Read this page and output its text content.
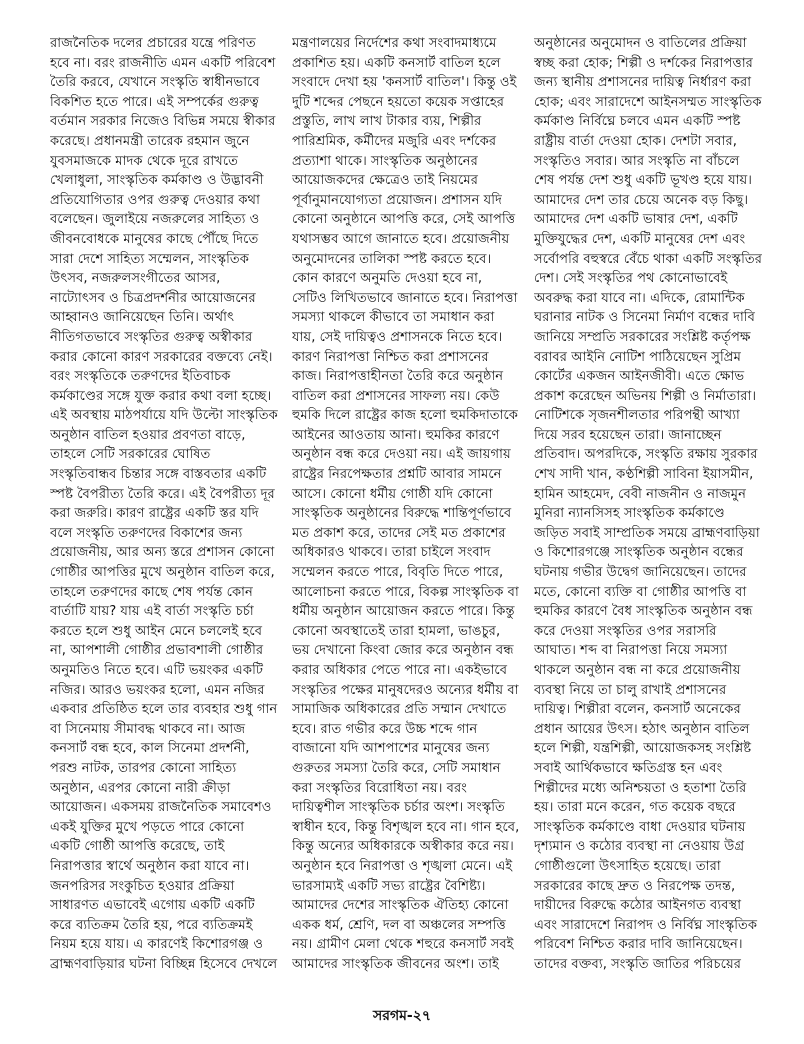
রাজনৈতিক দলের প্রচারের যন্ত্রে পরিণত হবে না। বরং রাজনীতি এমন একটি পরিবেশ তৈরি করবে, যেখানে সংস্কৃতি স্বাধীনভাবে বিকশিত হতে পারে। এই সম্পর্কের গুরুত্ব বর্তমান সরকার নিজেও বিভিন্ন সময়ে স্বীকার করেছে। প্রধানমন্ত্রী তারেক রহমান জুনে যুবসমাজকে মাদক থেকে দূরে রাখতে খেলাধুলা, সাংস্কৃতিক কর্মকাণ্ড ও উদ্ভাবনী প্রতিযোগিতার ওপর গুরুত্ব দেওয়ার কথা বলেছেন। জুলাইয়ে নজরুলের সাহিত্য ও জীবনবোধকে মানুষের কাছে পৌঁছে দিতে সারা দেশে সাহিত্য সম্মেলন, সাংস্কৃতিক উৎসব, নজরুলসংগীতের আসর, নাট্যোৎসব ও চিত্রপ্রদর্শনীর আয়োজনের আহ্বানও জানিয়েছেন তিনি। অর্থাৎ নীতিগতভাবে সংস্কৃতির গুরুত্ব অস্বীকার করার কোনো কারণ সরকারের বক্তব্যে নেই। বরং সংস্কৃতিকে তরুণদের ইতিবাচক কর্মকাণ্ডের সঙ্গে যুক্ত করার কথা বলা হচ্ছে। এই অবস্থায় মাঠপর্যায়ে যদি উল্টো সাংস্কৃতিক অনুষ্ঠান বাতিল হওয়ার প্রবণতা বাড়ে, তাহলে সেটি সরকারের ঘোষিত সংস্কৃতিবান্ধব চিন্তার সঙ্গে বাস্তবতার একটি স্পষ্ট বৈপরীত্য তৈরি করে। এই বৈপরীত্য দূর করা জরুরি। কারণ রাষ্ট্রের একটি স্তর যদি বলে সংস্কৃতি তরুণদের বিকাশের জন্য প্রয়োজনীয়, আর অন্য স্তরে প্রশাসন কোনো গোষ্ঠীর আপত্তির মুখে অনুষ্ঠান বাতিল করে, তাহলে তরুণদের কাছে শেষ পর্যন্ত কোন বার্তাটি যায়? যায় এই বার্তা সংস্কৃতি চর্চা করতে হলে শুধু আইন মেনে চললেই হবে না, আপশালী গোষ্ঠীর প্রভাবশালী গোষ্ঠীর অনুমতিও নিতে হবে। এটি ভয়ংকর একটি নজির। আরও ভয়ংকর হলো, এমন নজির একবার প্রতিষ্ঠিত হলে তার ব্যবহার শুধু গান বা সিনেমায় সীমাবদ্ধ থাকবে না। আজ কনসার্ট বন্ধ হবে, কাল সিনেমা প্রদর্শনী, পরশু নাটক, তারপর কোনো সাহিত্য অনুষ্ঠান, এরপর কোনো নারী ক্রীড়া আয়োজন। একসময় রাজনৈতিক সমাবেশও একই যুক্তির মুখে পড়তে পারে কোনো একটি গোষ্ঠী আপত্তি করেছে, তাই নিরাপত্তার স্বার্থে অনুষ্ঠান করা যাবে না। জনপরিসর সংকুচিত হওয়ার প্রক্রিয়া সাধারণত এভাবেই এগোয় একটি একটি করে ব্যতিক্রম তৈরি হয়, পরে ব্যতিক্রমই নিয়ম হয়ে যায়। এ কারণেই কিশোরগঞ্জ ও ব্রাহ্মণবাড়িয়ার ঘটনা বিচ্ছিন্ন হিসেবে দেখলে

মন্ত্রণালয়ের নির্দেশের কথা সংবাদমাধ্যমে প্রকাশিত হয়। একটি কনসার্ট বাতিল হলে সংবাদে দেখা হয় 'কনসার্ট বাতিল'। কিন্তু ওই দুটি শব্দের পেছনে হয়তো কয়েক সপ্তাহের প্রস্তুতি, লাখ লাখ টাকার ব্যয়, শিল্পীর পারিশ্রমিক, কর্মীদের মজুরি এবং দর্শকের প্রত্যাশা থাকে। সাংস্কৃতিক অনুষ্ঠানের আয়োজকদের ক্ষেত্রেও তাই নিয়মের পূর্বানুমানযোগ্যতা প্রয়োজন। প্রশাসন যদি কোনো অনুষ্ঠানে আপত্তি করে, সেই আপত্তি যথাসম্ভব আগে জানাতে হবে। প্রয়োজনীয় অনুমোদনের তালিকা স্পষ্ট করতে হবে। কোন কারণে অনুমতি দেওয়া হবে না, সেটিও লিখিতভাবে জানাতে হবে। নিরাপত্তা সমস্যা থাকলে কীভাবে তা সমাধান করা যায়, সেই দায়িত্বও প্রশাসনকে নিতে হবে। কারণ নিরাপত্তা নিশ্চিত করা প্রশাসনের কাজ। নিরাপত্তাহীনতা তৈরি করে অনুষ্ঠান বাতিল করা প্রশাসনের সাফল্য নয়। কেউ হুমকি দিলে রাষ্ট্রের কাজ হলো হুমকিদাতাকে আইনের আওতায় আনা। হুমকির কারণে অনুষ্ঠান বন্ধ করে দেওয়া নয়। এই জায়গায় রাষ্ট্রের নিরপেক্ষতার প্রশ্নটি আবার সামনে আসে। কোনো ধর্মীয় গোষ্ঠী যদি কোনো সাংস্কৃতিক অনুষ্ঠানের বিরুদ্ধে শান্তিপূর্ণভাবে মত প্রকাশ করে, তাদের সেই মত প্রকাশের অধিকারও থাকবে। তারা চাইলে সংবাদ সম্মেলন করতে পারে, বিবৃতি দিতে পারে, আলোচনা করতে পারে, বিকল্প সাংস্কৃতিক বা ধর্মীয় অনুষ্ঠান আয়োজন করতে পারে। কিন্তু কোনো অবস্থাতেই তারা হামলা, ভাঙচুর, ভয় দেখানো কিংবা জোর করে অনুষ্ঠান বন্ধ করার অধিকার পেতে পারে না। একইভাবে সংস্কৃতির পক্ষের মানুষদেরও অন্যের ধর্মীয় বা সামাজিক অধিকারের প্রতি সম্মান দেখাতে হবে। রাত গভীর করে উচ্চ শব্দে গান বাজানো যদি আশপাশের মানুষের জন্য গুরুতর সমস্যা তৈরি করে, সেটি সমাধান করা সংস্কৃতির বিরোধিতা নয়। বরং দায়িত্বশীল সাংস্কৃতিক চর্চার অংশ। সংস্কৃতি স্বাধীন হবে, কিন্তু বিশৃঙ্খল হবে না। গান হবে, কিন্তু অন্যের অধিকারকে অস্বীকার করে নয়। অনুষ্ঠান হবে নিরাপত্তা ও শৃঙ্খলা মেনে। এই ভারসাম্যই একটি সভ্য রাষ্ট্রের বৈশিষ্ট্য। আমাদের দেশের সাংস্কৃতিক ঐতিহ্য কোনো একক ধর্ম, শ্রেণি, দল বা অঞ্চলের সম্পত্তি নয়। গ্রামীণ মেলা থেকে শহুরে কনসার্ট সবই আমাদের সাংস্কৃতিক জীবনের অংশ। তাই

অনুষ্ঠানের অনুমোদন ও বাতিলের প্রক্রিয়া স্বচ্ছ করা হোক; শিল্পী ও দর্শকের নিরাপত্তার জন্য স্থানীয় প্রশাসনের দায়িত্ব নির্ধারণ করা হোক; এবং সারাদেশে আইনসম্মত সাংস্কৃতিক কর্মকাণ্ড নির্বিঘ্নে চলবে এমন একটি স্পষ্ট রাষ্ট্রীয় বার্তা দেওয়া হোক। দেশটা সবার, সংস্কৃতিও সবার। আর সংস্কৃতি না বাঁচলে শেষ পর্যন্ত দেশ শুধু একটি ভূখণ্ড হয়ে যায়। আমাদের দেশ তার চেয়ে অনেক বড় কিছু। আমাদের দেশ একটি ভাষার দেশ, একটি মুক্তিযুদ্ধের দেশ, একটি মানুষের দেশ এবং সর্বোপরি বহুস্বরে বেঁচে থাকা একটি সংস্কৃতির দেশ। সেই সংস্কৃতির পথ কোনোভাবেই অবরুদ্ধ করা যাবে না। এদিকে, রোমান্টিক ঘরানার নাটক ও সিনেমা নির্মাণ বন্ধের দাবি জানিয়ে সম্প্রতি সরকারের সংশ্লিষ্ট কর্তৃপক্ষ বরাবর আইনি নোটিশ পাঠিয়েছেন সুপ্রিম কোর্টের একজন আইনজীবী। এতে ক্ষোভ প্রকাশ করেছেন অভিনয় শিল্পী ও নির্মাতারা। নোটিশকে সৃজনশীলতার পরিপন্থী আখ্যা দিয়ে সরব হয়েছেন তারা। জানাচ্ছেন প্রতিবাদ। অপরদিকে, সংস্কৃতি রক্ষায় সুরকার শেখ সাদী খান, কণ্ঠশিল্পী সাবিনা ইয়াসমীন, হামিন আহমেদ, বেবী নাজনীন ও নাজমুন মুনিরা ন্যানসিসহ সাংস্কৃতিক কর্মকাণ্ডে জড়িত সবাই সাম্প্রতিক সময়ে ব্রাহ্মণবাড়িয়া ও কিশোরগঞ্জে সাংস্কৃতিক অনুষ্ঠান বন্ধের ঘটনায় গভীর উদ্বেগ জানিয়েছেন। তাদের মতে, কোনো ব্যক্তি বা গোষ্ঠীর আপত্তি বা হুমকির কারণে বৈধ সাংস্কৃতিক অনুষ্ঠান বন্ধ করে দেওয়া সংস্কৃতির ওপর সরাসরি আঘাত। শব্দ বা নিরাপত্তা নিয়ে সমস্যা থাকলে অনুষ্ঠান বন্ধ না করে প্রয়োজনীয় ব্যবস্থা নিয়ে তা চালু রাখাই প্রশাসনের দায়িত্ব। শিল্পীরা বলেন, কনসার্ট অনেকের প্রধান আয়ের উৎস। হঠাৎ অনুষ্ঠান বাতিল হলে শিল্পী, যন্ত্রশিল্পী, আয়োজকসহ সংশ্লিষ্ট সবাই আর্থিকভাবে ক্ষতিগ্রস্ত হন এবং শিল্পীদের মধ্যে অনিশ্চয়তা ও হতাশা তৈরি হয়। তারা মনে করেন, গত কয়েক বছরে সাংস্কৃতিক কর্মকাণ্ডে বাধা দেওয়ার ঘটনায় দৃশ্যমান ও কঠোর ব্যবস্থা না নেওয়ায় উগ্র গোষ্ঠীগুলো উৎসাহিত হয়েছে। তারা সরকারের কাছে দ্রুত ও নিরপেক্ষ তদন্ত, দায়ীদের বিরুদ্ধে কঠোর আইনগত ব্যবস্থা এবং সারাদেশে নিরাপদ ও নির্বিঘ্ন সাংস্কৃতিক পরিবেশ নিশ্চিত করার দাবি জানিয়েছেন। তাদের বক্তব্য, সংস্কৃতি জাতির পরিচয়ের

সরগম-২৭
